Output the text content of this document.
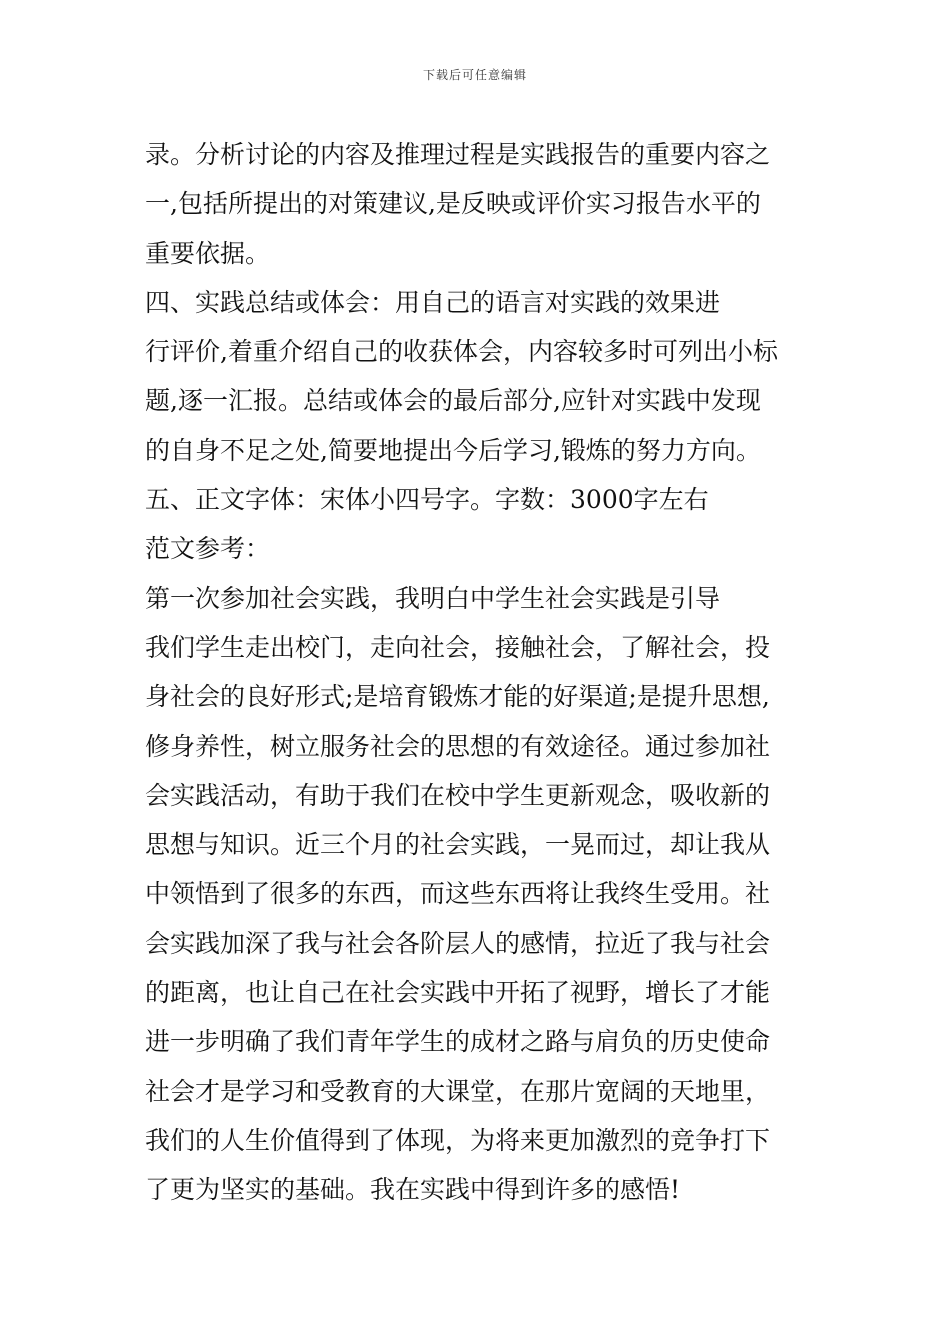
下载后可任意编辑
录。分析讨论的内容及推理过程是实践报告的重要内容之
一,包括所提出的对策建议,是反映或评价实习报告水平的
重要依据。
四、实践总结或体会：用自己的语言对实践的效果进
行评价,着重介绍自己的收获体会，内容较多时可列出小标
题,逐一汇报。总结或体会的最后部分,应针对实践中发现
的自身不足之处,简要地提出今后学习,锻炼的努力方向。
五、正文字体：宋体小四号字。字数：3000字左右
范文参考：
第一次参加社会实践，我明白中学生社会实践是引导
我们学生走出校门，走向社会，接触社会，了解社会，投
身社会的良好形式;是培育锻炼才能的好渠道;是提升思想,
修身养性，树立服务社会的思想的有效途径。通过参加社
会实践活动，有助于我们在校中学生更新观念，吸收新的
思想与知识。近三个月的社会实践，一晃而过，却让我从
中领悟到了很多的东西，而这些东西将让我终生受用。社
会实践加深了我与社会各阶层人的感情，拉近了我与社会
的距离，也让自己在社会实践中开拓了视野，增长了才能
进一步明确了我们青年学生的成材之路与肩负的历史使命
社会才是学习和受教育的大课堂，在那片宽阔的天地里，
我们的人生价值得到了体现，为将来更加激烈的竞争打下
了更为坚实的基础。我在实践中得到许多的感悟!
